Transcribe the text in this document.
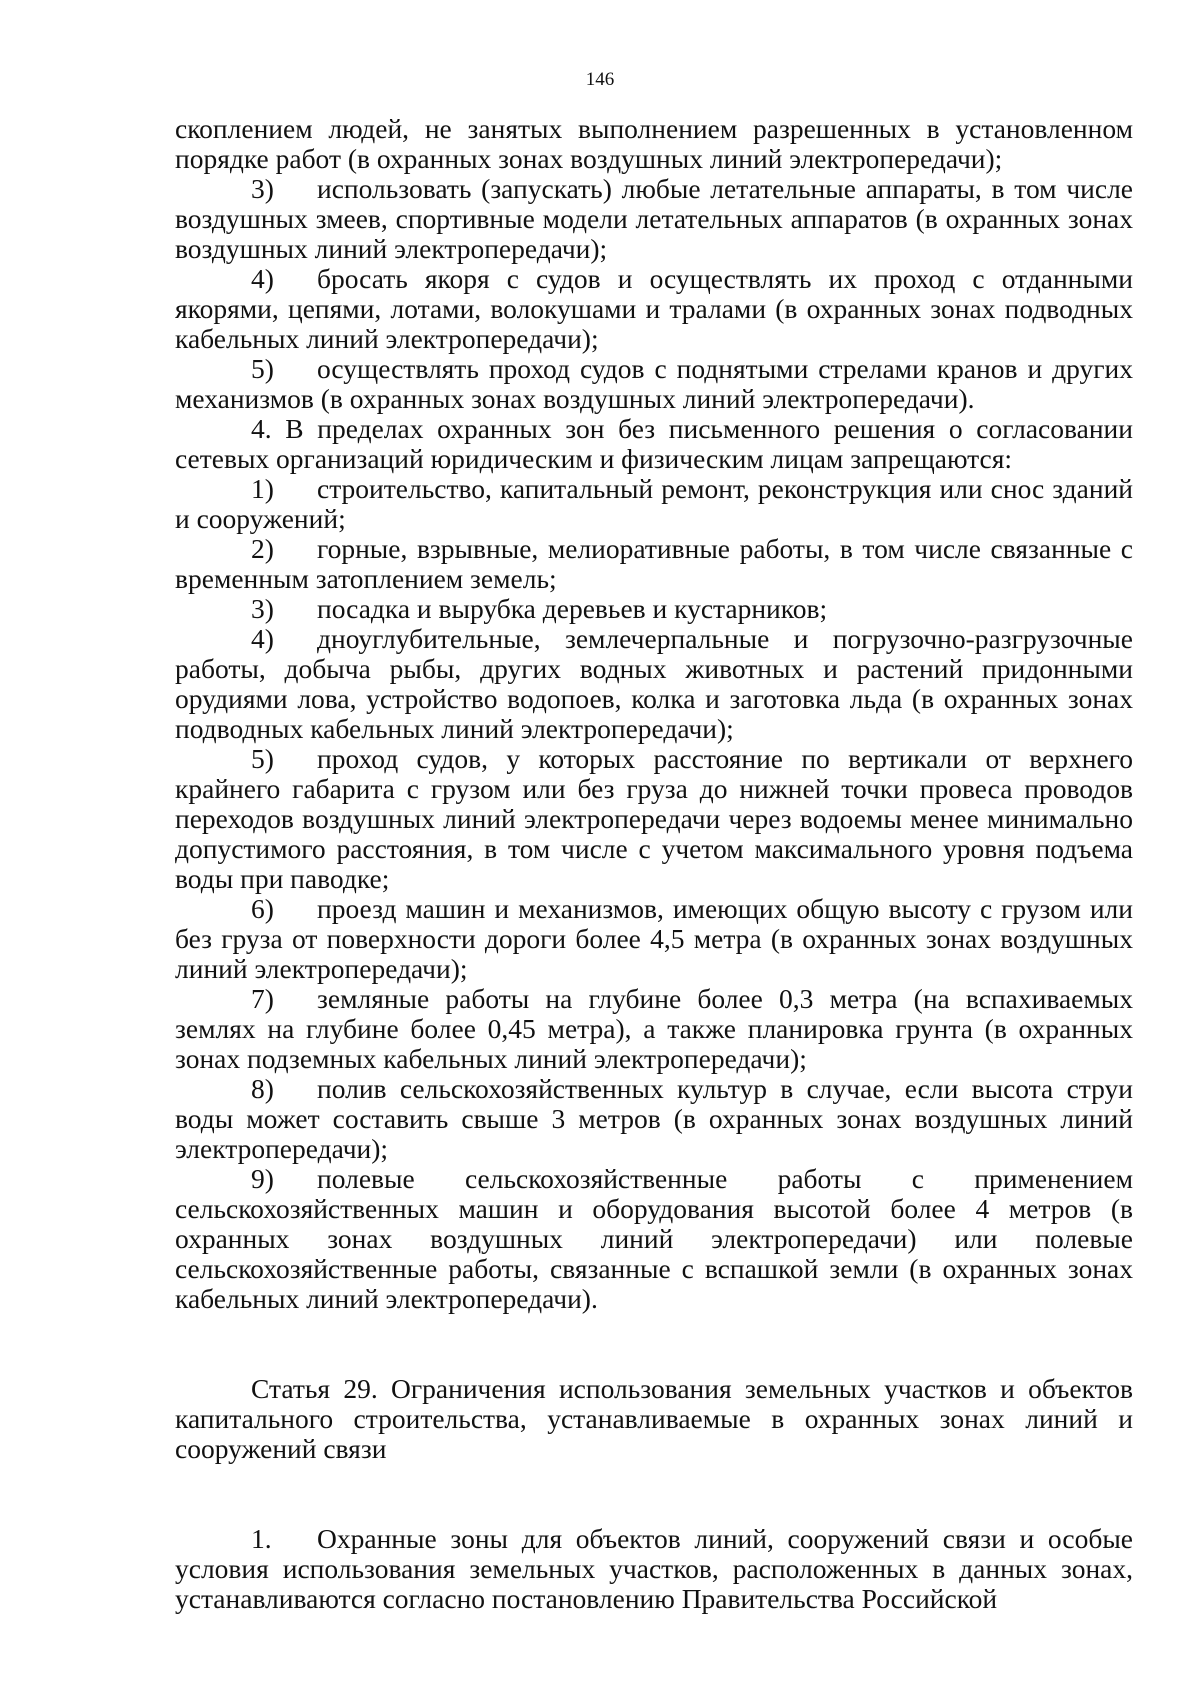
146

скоплением людей, не занятых выполнением разрешенных в установленном порядке работ (в охранных зонах воздушных линий электропередачи);

3) использовать (запускать) любые летательные аппараты, в том числе воздушных змеев, спортивные модели летательных аппаратов (в охранных зонах воздушных линий электропередачи);

4) бросать якоря с судов и осуществлять их проход с отданными якорями, цепями, лотами, волокушами и тралами (в охранных зонах подводных кабельных линий электропередачи);

5) осуществлять проход судов с поднятыми стрелами кранов и других механизмов (в охранных зонах воздушных линий электропередачи).

4. В пределах охранных зон без письменного решения о согласовании сетевых организаций юридическим и физическим лицам запрещаются:

1) строительство, капитальный ремонт, реконструкция или снос зданий и сооружений;

2) горные, взрывные, мелиоративные работы, в том числе связанные с временным затоплением земель;

3) посадка и вырубка деревьев и кустарников;

4) дноуглубительные, землечерпальные и погрузочно-разгрузочные работы, добыча рыбы, других водных животных и растений придонными орудиями лова, устройство водопоев, колка и заготовка льда (в охранных зонах подводных кабельных линий электропередачи);

5) проход судов, у которых расстояние по вертикали от верхнего крайнего габарита с грузом или без груза до нижней точки провеса проводов переходов воздушных линий электропередачи через водоемы менее минимально допустимого расстояния, в том числе с учетом максимального уровня подъема воды при паводке;

6) проезд машин и механизмов, имеющих общую высоту с грузом или без груза от поверхности дороги более 4,5 метра (в охранных зонах воздушных линий электропередачи);

7) земляные работы на глубине более 0,3 метра (на вспахиваемых землях на глубине более 0,45 метра), а также планировка грунта (в охранных зонах подземных кабельных линий электропередачи);

8) полив сельскохозяйственных культур в случае, если высота струи воды может составить свыше 3 метров (в охранных зонах воздушных линий электропередачи);

9) полевые сельскохозяйственные работы с применением сельскохозяйственных машин и оборудования высотой более 4 метров (в охранных зонах воздушных линий электропередачи) или полевые сельскохозяйственные работы, связанные с вспашкой земли (в охранных зонах кабельных линий электропередачи).

Статья 29. Ограничения использования земельных участков и объектов капитального строительства, устанавливаемые в охранных зонах линий и сооружений связи

1. Охранные зоны для объектов линий, сооружений связи и особые условия использования земельных участков, расположенных в данных зонах, устанавливаются согласно постановлению Правительства Российской
